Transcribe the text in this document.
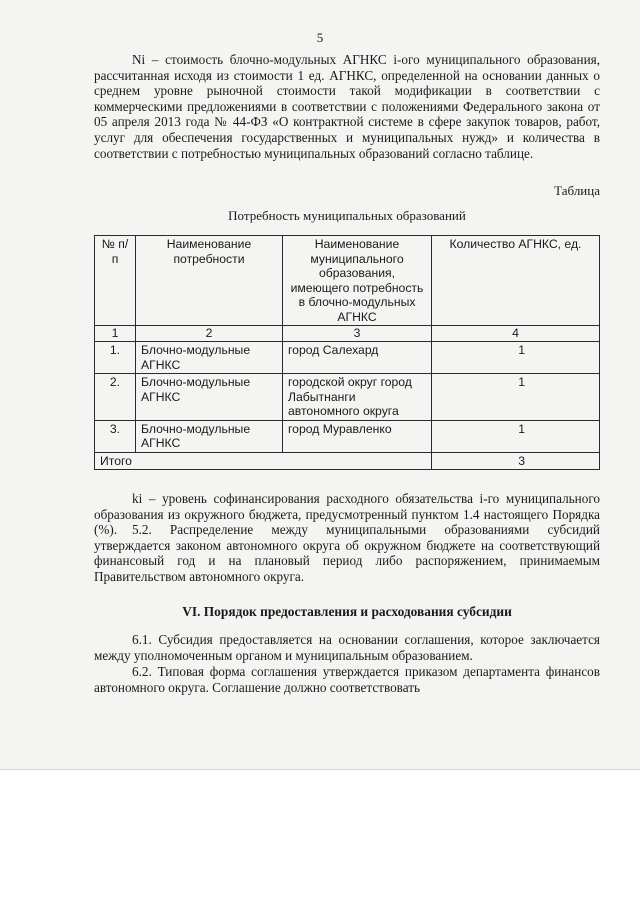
5

Ni – стоимость блочно-модульных АГНКС i-ого муниципального образования, рассчитанная исходя из стоимости 1 ед. АГНКС, определенной на основании данных о среднем уровне рыночной стоимости такой модификации в соответствии с коммерческими предложениями в соответствии с положениями Федерального закона от 05 апреля 2013 года № 44-ФЗ «О контрактной системе в сфере закупок товаров, работ, услуг для обеспечения государственных и муниципальных нужд» и количества в соответствии с потребностью муниципальных образований согласно таблице.

Таблица
Потребность муниципальных образований
№ п/п	Наименование потребности	Наименование муниципального образования, имеющего потребность в блочно-модульных АГНКС	Количество АГНКС, ед.
1	2	3	4
1.	Блочно-модульные АГНКС	город Салехард	1
2.	Блочно-модульные АГНКС	городской округ город Лабытнанги автономного округа	1
3.	Блочно-модульные АГНКС	город Муравленко	1
Итого			3

ki – уровень софинансирования расходного обязательства i-го муниципального образования из окружного бюджета, предусмотренный пунктом 1.4 настоящего Порядка (%).	5.2. Распределение между муниципальными образованиями субсидий утверждается законом автономного округа об окружном бюджете на соответствующий финансовый год и на плановый период либо распоряжением, принимаемым Правительством автономного округа.

VI. Порядок предоставления и расходования субсидии

6.1. Субсидия предоставляется на основании соглашения, которое заключается между уполномоченным органом и муниципальным образованием.

6.2. Типовая форма соглашения утверждается приказом департамента финансов автономного округа. Соглашение должно соответствовать
